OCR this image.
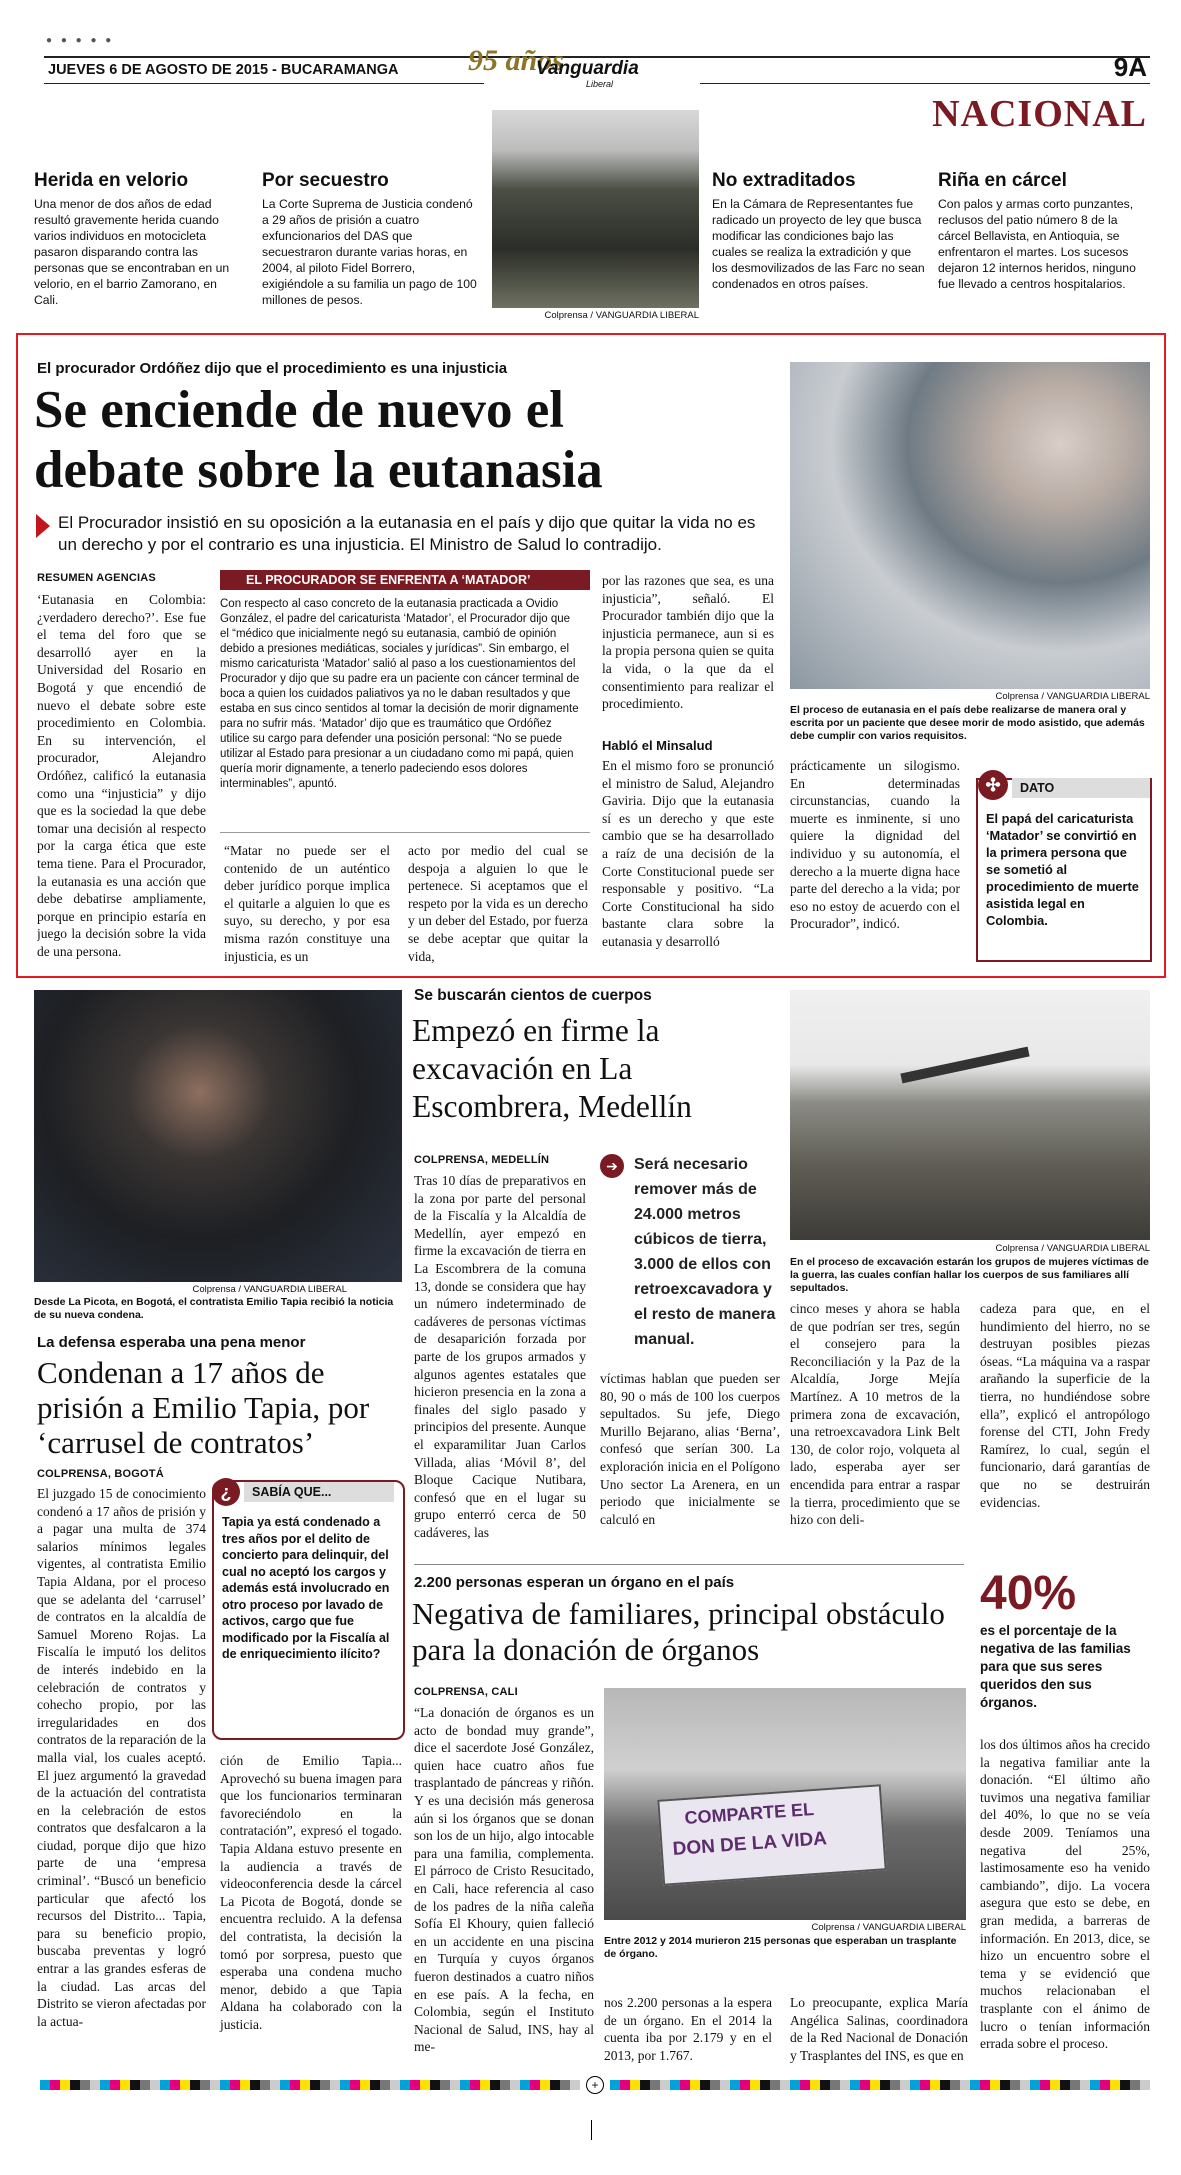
● ● ● ● ●
JUEVES 6 DE AGOSTO DE 2015 - BUCARAMANGA 95 años
Vanguardia
Liberal
9A
NACIONAL
Herida en velorio
Una menor de dos años de edad resultó gravemente herida cuando varios individuos en motocicleta pasaron disparando contra las personas que se encontraban en un velorio, en el barrio Zamorano, en Cali.
Por secuestro
La Corte Suprema de Justicia condenó a 29 años de prisión a cuatro exfuncionarios del DAS que secuestraron durante varias horas, en 2004, al piloto Fidel Borrero, exigiéndole a su familia un pago de 100 millones de pesos.
Colprensa / VANGUARDIA LIBERAL
No extraditados
En la Cámara de Representantes fue radicado un proyecto de ley que busca modificar las condiciones bajo las cuales se realiza la extradición y que los desmovilizados de las Farc no sean condenados en otros países.
Riña en cárcel
Con palos y armas corto punzantes, reclusos del patio número 8 de la cárcel Bellavista, en Antioquia, se enfrentaron el martes. Los sucesos dejaron 12 internos heridos, ninguno fue llevado a centros hospitalarios.
El procurador Ordóñez dijo que el procedimiento es una injusticia
Se enciende de nuevo el
debate sobre la eutanasia
El Procurador insistió en su oposición a la eutanasia en el país y dijo que quitar la vida no es un derecho y por el contrario es una injusticia. El Ministro de Salud lo contradijo.
RESUMEN AGENCIAS
‘Eutanasia en Colombia: ¿verdadero derecho?’. Ese fue el tema del foro que se desarrolló ayer en la Universidad del Rosario en Bogotá y que encendió de nuevo el debate sobre este procedimiento en Colombia. En su intervención, el procurador, Alejandro Ordóñez, calificó la eutanasia como una “injusticia” y dijo que es la sociedad la que debe tomar una decisión al respecto por la carga ética que este tema tiene. Para el Procurador, la eutanasia es una acción que debe debatirse ampliamente, porque en principio estaría en juego la decisión sobre la vida de una persona.
EL PROCURADOR SE ENFRENTA A ‘MATADOR’
Con respecto al caso concreto de la eutanasia practicada a Ovidio González, el padre del caricaturista ‘Matador’, el Procurador dijo que el “médico que inicialmente negó su eutanasia, cambió de opinión debido a presiones mediáticas, sociales y jurídicas”. Sin embargo, el mismo caricaturista ‘Matador’ salió al paso a los cuestionamientos del Procurador y dijo que su padre era un paciente con cáncer terminal de boca a quien los cuidados paliativos ya no le daban resultados y que estaba en sus cinco sentidos al tomar la decisión de morir dignamente para no sufrir más. ‘Matador’ dijo que es traumático que Ordóñez utilice su cargo para defender una posición personal: “No se puede utilizar al Estado para presionar a un ciudadano como mi papá, quien quería morir dignamente, a tenerlo padeciendo esos dolores interminables”, apuntó.
“Matar no puede ser el contenido de un auténtico deber jurídico porque implica el quitarle a alguien lo que es suyo, su derecho, y por esa misma razón constituye una injusticia, es un
acto por medio del cual se despoja a alguien lo que le pertenece. Si aceptamos que el respeto por la vida es un derecho y un deber del Estado, por fuerza se debe aceptar que quitar la vida,
por las razones que sea, es una injusticia”, señaló. El Procurador también dijo que la injusticia permanece, aun si es la propia persona quien se quita la vida, o la que da el consentimiento para realizar el procedimiento.
Habló el Minsalud
En el mismo foro se pronunció el ministro de Salud, Alejandro Gaviria. Dijo que la eutanasia sí es un derecho y que este cambio que se ha desarrollado a raíz de una decisión de la Corte Constitucional puede ser responsable y positivo. “La Corte Constitucional ha sido bastante clara sobre la eutanasia y desarrolló
Colprensa / VANGUARDIA LIBERAL
El proceso de eutanasia en el país debe realizarse de manera oral y escrita por un paciente que desee morir de modo asistido, que además debe cumplir con varios requisitos.
prácticamente un silogismo. En determinadas circunstancias, cuando la muerte es inminente, si uno quiere la dignidad del individuo y su autonomía, el derecho a la muerte digna hace parte del derecho a la vida; por eso no estoy de acuerdo con el Procurador”, indicó.
✣	DATO
El papá del caricaturista ‘Matador’ se convirtió en la primera persona que se sometió al procedimiento de muerte asistida legal en Colombia.
Colprensa / VANGUARDIA LIBERAL
Desde La Picota, en Bogotá, el contratista Emilio Tapia recibió la noticia de su nueva condena.
La defensa esperaba una pena menor
Condenan a 17 años de prisión a Emilio Tapia, por ‘carrusel de contratos’
COLPRENSA, BOGOTÁ
El juzgado 15 de conocimiento condenó a 17 años de prisión y a pagar una multa de 374 salarios mínimos legales vigentes, al contratista Emilio Tapia Aldana, por el proceso que se adelanta del ‘carrusel’ de contratos en la alcaldía de Samuel Moreno Rojas. La Fiscalía le imputó los delitos de interés indebido en la celebración de contratos y cohecho propio, por las irregularidades en dos contratos de la reparación de la malla vial, los cuales aceptó. El juez argumentó la gravedad de la actuación del contratista en la celebración de estos contratos que desfalcaron a la ciudad, porque dijo que hizo parte de una ‘empresa criminal’. “Buscó un beneficio particular que afectó los recursos del Distrito... Tapia, para su beneficio propio, buscaba preventas y logró entrar a las grandes esferas de la ciudad. Las arcas del Distrito se vieron afectadas por la actua-
¿	SABÍA QUE...
Tapia ya está condenado a tres años por el delito de concierto para delinquir, del cual no aceptó los cargos y además está involucrado en otro proceso por lavado de activos, cargo que fue modificado por la Fiscalía al de enriquecimiento ilícito?
ción de Emilio Tapia... Aprovechó su buena imagen para que los funcionarios terminaran favoreciéndolo en la contratación”, expresó el togado. Tapia Aldana estuvo presente en la audiencia a través de videoconferencia desde la cárcel La Picota de Bogotá, donde se encuentra recluido. A la defensa del contratista, la decisión la tomó por sorpresa, puesto que esperaba una condena mucho menor, debido a que Tapia Aldana ha colaborado con la justicia.
Se buscarán cientos de cuerpos
Empezó en firme la excavación en La Escombrera, Medellín
COLPRENSA, MEDELLÍN
Tras 10 días de preparativos en la zona por parte del personal de la Fiscalía y la Alcaldía de Medellín, ayer empezó en firme la excavación de tierra en La Escombrera de la comuna 13, donde se considera que hay un número indeterminado de cadáveres de personas víctimas de desaparición forzada por parte de los grupos armados y algunos agentes estatales que hicieron presencia en la zona a finales del siglo pasado y principios del presente. Aunque el exparamilitar Juan Carlos Villada, alias ‘Móvil 8’, del Bloque Cacique Nutibara, confesó que en el lugar su grupo enterró cerca de 50 cadáveres, las
➔	Será necesario remover más de 24.000 metros cúbicos de tierra, 3.000 de ellos con retroexcavadora y el resto de manera manual.
víctimas hablan que pueden ser 80, 90 o más de 100 los cuerpos sepultados. Su jefe, Diego Murillo Bejarano, alias ‘Berna’, confesó que serían 300. La exploración inicia en el Polígono Uno sector La Arenera, en un periodo que inicialmente se calculó en
Colprensa / VANGUARDIA LIBERAL
En el proceso de excavación estarán los grupos de mujeres víctimas de la guerra, las cuales confían hallar los cuerpos de sus familiares allí sepultados.
cinco meses y ahora se habla de que podrían ser tres, según el consejero para la Reconciliación y la Paz de la Alcaldía, Jorge Mejía Martínez. A 10 metros de la primera zona de excavación, una retroexcavadora Link Belt 130, de color rojo, volqueta al lado, esperaba ayer ser encendida para entrar a raspar la tierra, procedimiento que se hizo con deli-
cadeza para que, en el hundimiento del hierro, no se destruyan posibles piezas óseas. “La máquina va a raspar arañando la superficie de la tierra, no hundiéndose sobre ella”, explicó el antropólogo forense del CTI, John Fredy Ramírez, lo cual, según el funcionario, dará garantías de que no se destruirán evidencias.
2.200 personas esperan un órgano en el país
Negativa de familiares, principal obstáculo para la donación de órganos
40%
es el porcentaje de la negativa de las familias para que sus seres queridos den sus órganos.
COLPRENSA, CALI
“La donación de órganos es un acto de bondad muy grande”, dice el sacerdote José González, quien hace cuatro años fue trasplantado de páncreas y riñón. Y es una decisión más generosa aún si los órganos que se donan son los de un hijo, algo intocable para una familia, complementa. El párroco de Cristo Resucitado, en Cali, hace referencia al caso de los padres de la niña caleña Sofía El Khoury, quien falleció en un accidente en una piscina en Turquía y cuyos órganos fueron destinados a cuatro niños en ese país. A la fecha, en Colombia, según el Instituto Nacional de Salud, INS, hay al me-
COMPARTE EL
DON DE LA VIDA
Colprensa / VANGUARDIA LIBERAL
Entre 2012 y 2014 murieron 215 personas que esperaban un trasplante de órgano.
nos 2.200 personas a la espera de un órgano. En el 2014 la cuenta iba por 2.179 y en el 2013, por 1.767.
Lo preocupante, explica María Angélica Salinas, coordinadora de la Red Nacional de Donación y Trasplantes del INS, es que en
los dos últimos años ha crecido la negativa familiar ante la donación. “El último año tuvimos una negativa familiar del 40%, lo que no se veía desde 2009. Teníamos una negativa del 25%, lastimosamente eso ha venido cambiando”, dijo. La vocera asegura que esto se debe, en gran medida, a barreras de información. En 2013, dice, se hizo un encuentro sobre el tema y se evidenció que muchos relacionaban el trasplante con el ánimo de lucro o tenían información errada sobre el proceso.
+
